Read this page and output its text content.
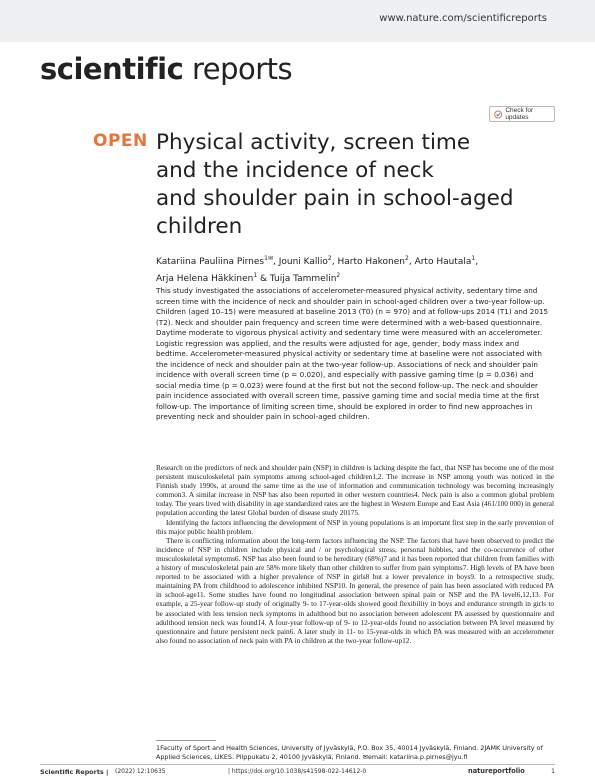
www.nature.com/scientificreports
scientific reports
Check for updates
OPEN Physical activity, screen time
and the incidence of neck
and shoulder pain in school-aged
children

Katariina Pauliina Pirnes$^{1✉}$, Jouni Kallio$^2$, Harto Hakonen$^2$, Arto Hautala$^1$,
Arja Helena Häkkinen$^1$ & Tuija Tammelin$^2$

This study investigated the associations of accelerometer-measured physical activity, sedentary time and screen time with the incidence of neck and shoulder pain in school-aged children over a two-year follow-up. Children (aged 10–15) were measured at baseline 2013 (T0) (n = 970) and at follow-ups 2014 (T1) and 2015 (T2). Neck and shoulder pain frequency and screen time were determined with a web-based questionnaire. Daytime moderate to vigorous physical activity and sedentary time were measured with an accelerometer. Logistic regression was applied, and the results were adjusted for age, gender, body mass index and bedtime. Accelerometer-measured physical activity or sedentary time at baseline were not associated with the incidence of neck and shoulder pain at the two-year follow-up. Associations of neck and shoulder pain incidence with overall screen time (p = 0.020), and especially with passive gaming time (p = 0.036) and social media time (p = 0.023) were found at the first but not the second follow-up. The neck and shoulder pain incidence associated with overall screen time, passive gaming time and social media time at the first follow-up. The importance of limiting screen time, should be explored in order to find new approaches in preventing neck and shoulder pain in school-aged children.

Research on the predictors of neck and shoulder pain (NSP) in children is lacking despite the fact, that NSP has become one of the most persistent musculoskeletal pain symptoms among school-aged children1,2. The increase in NSP among youth was noticed in the Finnish study 1990s, at around the same time as the use of information and communication technology was becoming increasingly common3. A similar increase in NSP has also been reported in other western countries4. Neck pain is also a common global problem today. The years lived with disability in age standardized rates are the highest in Western Europe and East Asia (461/100 000) in general population according the latest Global burden of disease study 20175.

Identifying the factors influencing the development of NSP in young populations is an important first step in the early prevention of this major public health problem.

There is conflicting information about the long-term factors influencing the NSP. The factors that have been observed to predict the incidence of NSP in children include physical and / or psychological stress, personal hobbies, and the co-occurrence of other musculoskeletal symptoms6. NSP has also been found to be hereditary (68%)7 and it has been reported that children from families with a history of musculoskeletal pain are 58% more likely than other children to suffer from pain symptoms7. High levels of PA have been reported to be associated with a higher prevalence of NSP in girls8 but a lower prevalence in boys9. In a retrospective study, maintaining PA from childhood to adolescence inhibited NSP10. In general, the presence of pain has been associated with reduced PA in school-age11. Some studies have found no longitudinal association between spinal pain or NSP and the PA level6,12,13. For example, a 25-year follow-up study of originally 9- to 17-year-olds showed good flexibility in boys and endurance strength in girls to be associated with less tension neck symptoms in adulthood but no association between adolescent PA assessed by questionnaire and adulthood tension neck was found14. A four-year follow-up of 9- to 12-year-olds found no association between PA level measured by questionnaire and future persistent neck pain6. A later study in 11- to 15-year-olds in which PA was measured with an accelerometer also found no association of neck pain with PA in children at the two-year follow-up12.

1Faculty of Sport and Health Sciences, University of Jyväskylä, P.O. Box 35, 40014 Jyväskylä, Finland. 2JAMK University of Applied Sciences, LIKES. Piippukatu 2, 40100 Jyväskylä, Finland. ✉email: katariina.p.pirnes@jyu.fi

Scientific Reports | (2022) 12:10635	| https://doi.org/10.1038/s41598-022-14612-0	natureportfolio	1
